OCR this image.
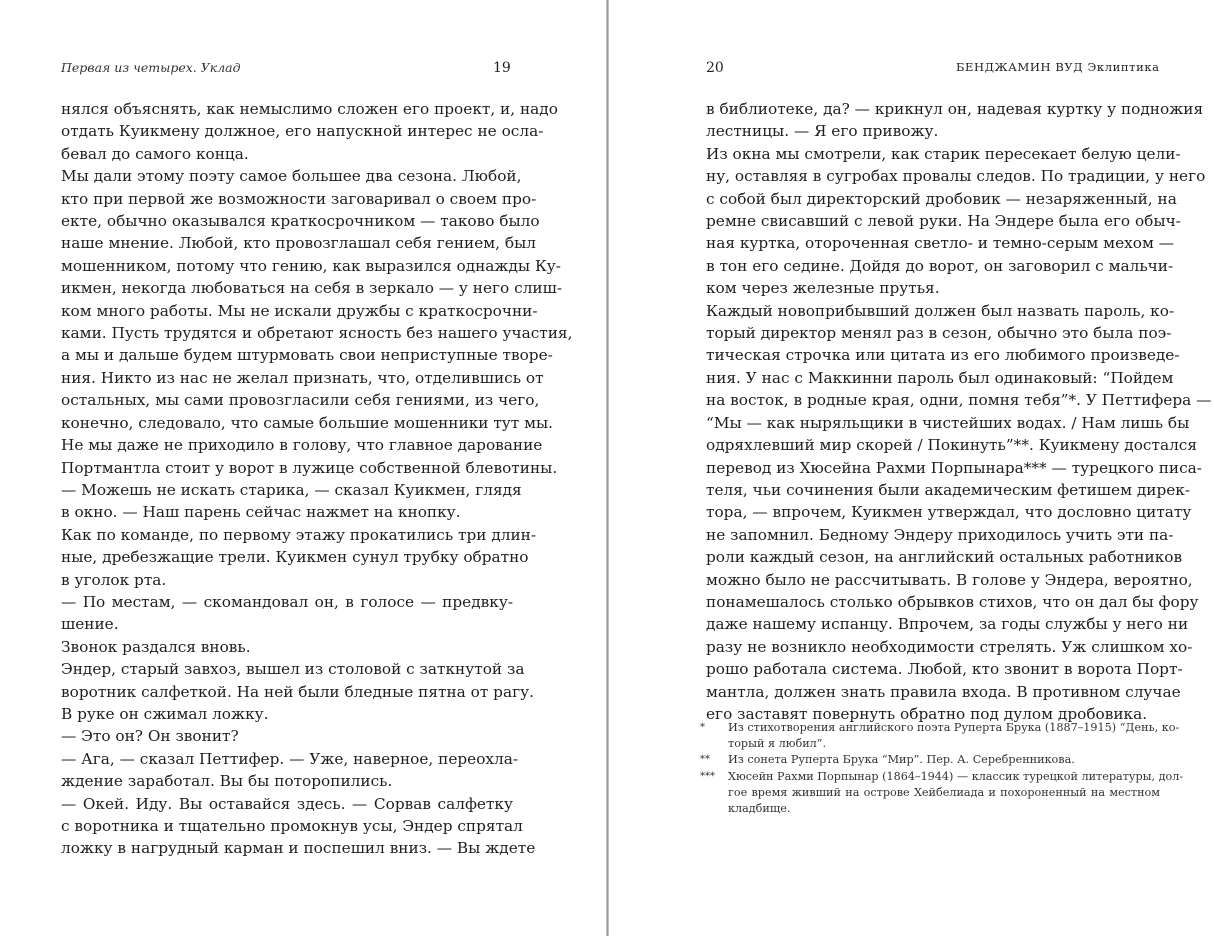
Первая из четырех. Уклад	19
нялся объяснять, как немыслимо сложен его проект, и, надо
отдать Куикмену должное, его напускной интерес не осла-
бевал до самого конца.
Мы дали этому поэту самое большее два сезона. Любой,
кто при первой же возможности заговаривал о своем про-
екте, обычно оказывался краткосрочником — таково было
наше мнение. Любой, кто провозглашал себя гением, был
мошенником, потому что гению, как выразился однажды Ку-
икмен, некогда любоваться на себя в зеркало — у него слиш-
ком много работы. Мы не искали дружбы с краткосрочни-
ками. Пусть трудятся и обретают ясность без нашего участия,
а мы и дальше будем штурмовать свои неприступные творе-
ния. Никто из нас не желал признать, что, отделившись от
остальных, мы сами провозгласили себя гениями, из чего,
конечно, следовало, что самые большие мошенники тут мы.
Не мы даже не приходило в голову, что главное дарование
Портмантла стоит у ворот в лужице собственной блевотины.
— Можешь не искать старика, — сказал Куикмен, глядя
в окно. — Наш парень сейчас нажмет на кнопку.
Как по команде, по первому этажу прокатились три длин-
ные, дребезжащие трели. Куикмен сунул трубку обратно
в уголок рта.
— По местам, — скомандовал он, в голосе — предвку-
шение.
Звонок раздался вновь.
Эндер, старый завхоз, вышел из столовой с заткнутой за
воротник салфеткой. На ней были бледные пятна от рагу.
В руке он сжимал ложку.
— Это он? Он звонит?
— Ага, — сказал Петтифер. — Уже, наверное, переохла-
ждение заработал. Вы бы поторопились.
— Окей. Иду. Вы оставайся здесь. — Сорвав салфетку
с воротника и тщательно промокнув усы, Эндер спрятал
ложку в нагрудный карман и поспешил вниз. — Вы ждете
20	БЕНДЖАМИН ВУД Эклиптика
в библиотеке, да? — крикнул он, надевая куртку у подножия
лестницы. — Я его привожу.
Из окна мы смотрели, как старик пересекает белую цели-
ну, оставляя в сугробах провалы следов. По традиции, у него
с собой был директорский дробовик — незаряженный, на
ремне свисавший с левой руки. На Эндере была его обыч-
ная куртка, отороченная светло- и темно-серым мехом —
в тон его седине. Дойдя до ворот, он заговорил с мальчи-
ком через железные прутья.
Каждый новоприбывший должен был назвать пароль, ко-
торый директор менял раз в сезон, обычно это была поэ-
тическая строчка или цитата из его любимого произведе-
ния. У нас с Маккинни пароль был одинаковый: “Пойдем
на восток, в родные края, одни, помня тебя”*. У Петтифера —
“Мы — как ныряльщики в чистейших водах. / Нам лишь бы
одряхлевший мир скорей / Покинуть”**. Куикмену достался
перевод из Хюсейна Рахми Порпынара*** — турецкого писа-
теля, чьи сочинения были академическим фетишем дирек-
тора, — впрочем, Куикмен утверждал, что дословно цитату
не запомнил. Бедному Эндеру приходилось учить эти па-
роли каждый сезон, на английский остальных работников
можно было не рассчитывать. В голове у Эндера, вероятно,
понамешалось столько обрывков стихов, что он дал бы фору
даже нашему испанцу. Впрочем, за годы службы у него ни
разу не возникло необходимости стрелять. Уж слишком хо-
рошо работала система. Любой, кто звонит в ворота Порт-
мантла, должен знать правила входа. В противном случае
его заставят повернуть обратно под дулом дробовика.
* Из стихотворения английского поэта Руперта Брука (1887–1915) “День, ко-
торый я любил”.
** Из сонета Руперта Брука “Мир”. Пер. А. Серебренникова.
*** Хюсейн Рахми Порпынар (1864–1944) — классик турецкой литературы, дол-
гое время живший на острове Хейбелиада и похороненный на местном
кладбище.
